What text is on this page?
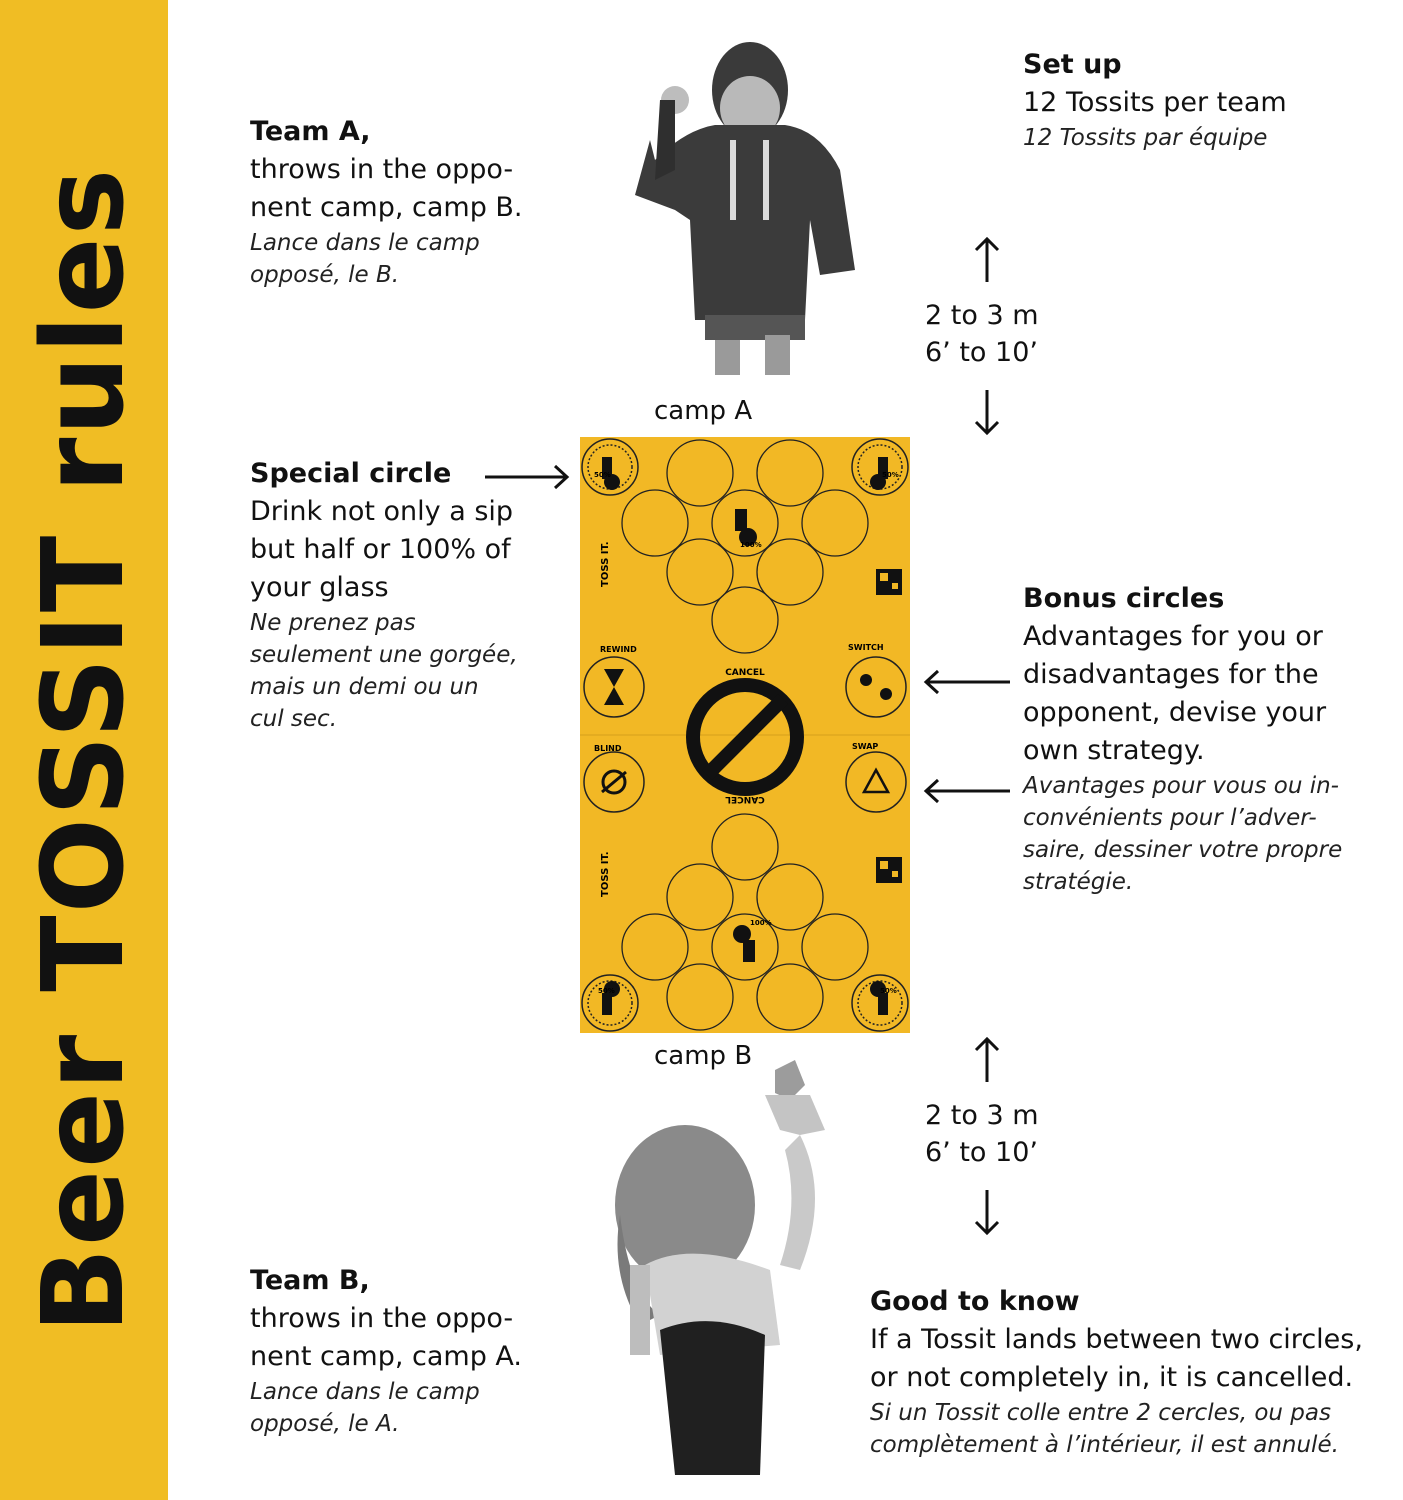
Beer TOSSIT rules
Team A,
throws in the oppo-
nent camp, camp B.
Lance dans le camp
opposé, le B.
Set up
12 Tossits per team
12 Tossits par équipe
2 to 3 m
6’ to 10’
camp A
camp B
Special circle
Drink not only a sip
but half or 100% of
your glass
Ne prenez pas
seulement une gorgée,
mais un demi ou un
cul sec.
CANCEL
CANCEL
REWIND	SWITCH
BLIND	SWAP
TOSS IT.
TOSS IT.
100%
100%
50%	50%
50%	50%
Bonus circles
Advantages for you or
disadvantages for the
opponent, devise your
own strategy.
Avantages pour vous ou in-
convénients pour l’adver-
saire, dessiner votre propre
stratégie.
2 to 3 m
6’ to 10’
Team B,
throws in the oppo-
nent camp, camp A.
Lance dans le camp
opposé, le A.
Good to know
If a Tossit lands between two circles,
or not completely in, it is cancelled.
Si un Tossit colle entre 2 cercles, ou pas
complètement à l’intérieur, il est annulé.
